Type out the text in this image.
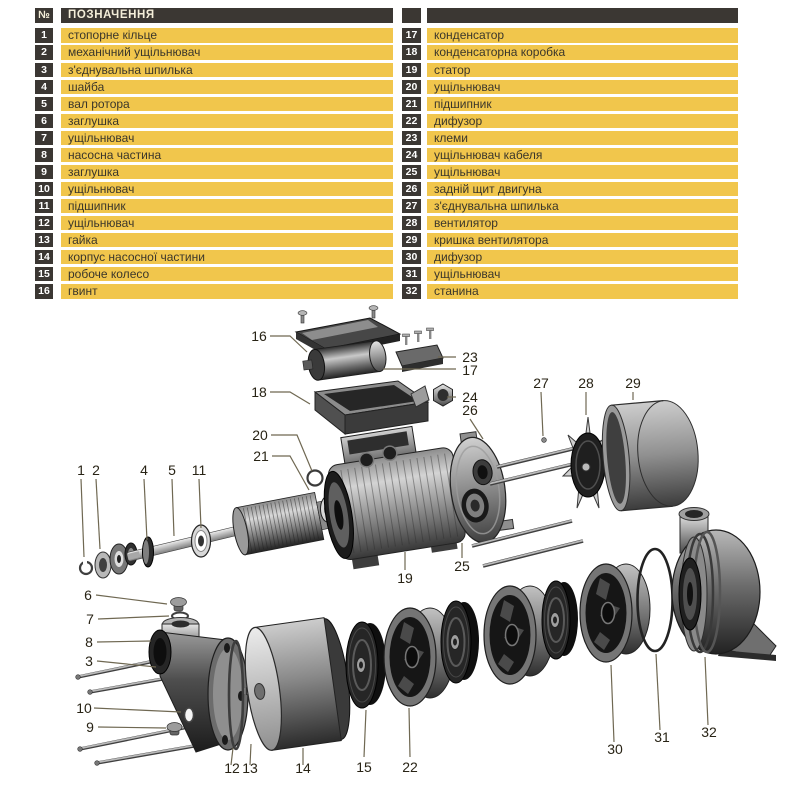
№	ПОЗНАЧЕННЯ
1	стопорне кільце
2	механічний ущільнювач
3	з'єднувальна шпилька
4	шайба
5	вал ротора
6	заглушка
7	ущільнювач
8	насосна частина
9	заглушка
10	ущільнювач
11	підшипник
12	ущільнювач
13	гайка
14	корпус насосної частини
15	робоче колесо
16	гвинт
17	конденсатор
18	конденсаторна коробка
19	статор
20	ущільнювач
21	підшипник
22	дифузор
23	клеми
24	ущільнювач кабеля
25	ущільнювач
26	задній щит двигуна
27	з'єднувальна шпилька
28	вентилятор
29	кришка вентилятора
30	дифузор
31	ущільнювач
32	станина
16
18
20
21
1 2	4 5 11
6
7
8
3
10
9
12 13	14	15 22
19
25
23
17
24
26
27 28 29
30
31 32
